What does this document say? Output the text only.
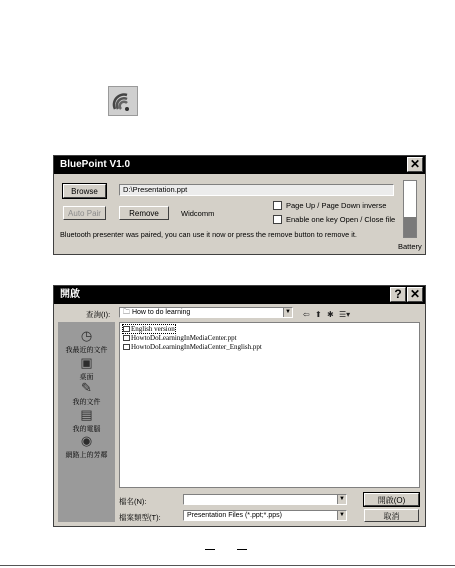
BluePoint V1.0	✕
Browse	D:\Presentation.ppt
Auto Pair	Remove	Widcomm
Page Up / Page Down inverse
Enable one key Open / Close file
Bluetooth presenter was paired, you can use it now or press the remove button to remove it.
Battery
開啟	? ✕
查詢(I):	🗀 How to do learning	▼ ⇦ ⬆ ✱ ☰▾
◷
我最近的文件
▣
桌面
✎
我的文件
▤
我的電腦
◉
網路上的芳鄰
English version
HowtoDoLearningInMediaCenter.ppt
HowtoDoLearningInMediaCenter_English.ppt
檔名(N):	▼
檔案類型(T):	Presentation Files (*.ppt;*.pps)	▼
開啟(O)
取消
